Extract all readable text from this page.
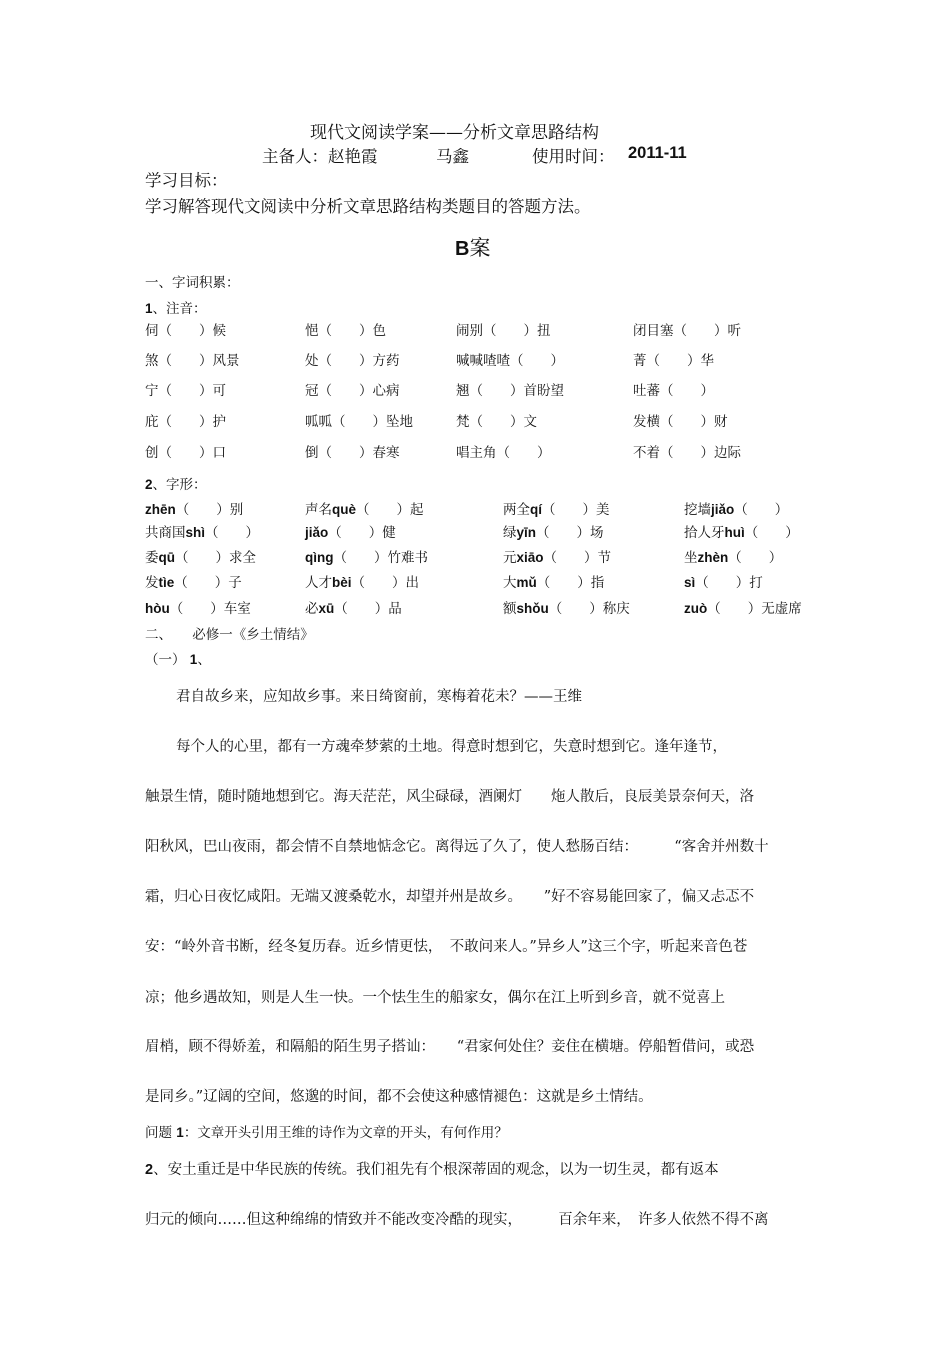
现代文阅读学案——分析文章思路结构
主备人：赵艳霞	马鑫	使用时间： 2011-11
学习目标：
学习解答现代文阅读中分析文章思路结构类题目的答题方法。
B案
一、字词积累：
1、注音：
伺（　　）候	悒（　　）色	闹别（　　）扭	闭目塞（　　）听
煞（　　）风景	处（　　）方药	喊喊喳喳（　　）	菁（　　）华
宁（　　）可	冠（　　）心病	翘（　　）首盼望	吐蕃（　　）
庇（　　）护	呱呱（　　）坠地	梵（　　）文	发横（　　）财
创（　　）口	倒（　　）春寒	唱主角（　　）	不着（　　）边际
2、字形：
zhēn（　　）别	声名què（　　）起	两全qí（　　）美	挖墙jiǎo（　　）
共商国shì（　　）	jiǎo（　　）健	绿yīn（　　）场	拾人牙huì（　　）
委qū（　　）求全	qìng（　　）竹难书	元xiāo（　　）节	坐zhèn（　　）
发tìe（　　）子	人才bèi（　　）出	大mǔ（　　）指	sì（　　）打
hòu（　　）车室	必xū（　　）品	额shǒu（　　）称庆	zuò（　　）无虚席
二、　　必修一《乡土情结》
（一） 1、
君自故乡来，应知故乡事。来日绮窗前，寒梅着花未？——王维
每个人的心里，都有一方魂牵梦萦的土地。得意时想到它，失意时想到它。逢年逢节，
触景生情，随时随地想到它。海天茫茫，风尘碌碌，酒阑灯　　炧人散后，良辰美景奈何天，洛
阳秋风，巴山夜雨，都会情不自禁地惦念它。离得远了久了，使人愁肠百结：　　　“客舍并州数十
霜，归心日夜忆咸阳。无端又渡桑乾水，却望并州是故乡。　　”好不容易能回家了，偏又忐忑不
安：“岭外音书断，经冬复历春。近乡情更怯，　不敢问来人。”异乡人”这三个字，听起来音色苍
凉；他乡遇故知，则是人生一快。一个怯生生的船家女，偶尔在江上听到乡音，就不觉喜上
眉梢，顾不得娇羞，和隔船的陌生男子搭讪：　　“君家何处住？妾住在横塘。停船暂借问，或恐
是同乡。”辽阔的空间，悠邈的时间，都不会使这种感情褪色：这就是乡土情结。
问题 1：文章开头引用王维的诗作为文章的开头，有何作用？
2、安土重迁是中华民族的传统。我们祖先有个根深蒂固的观念，以为一切生灵，都有返本
归元的倾向……但这种绵绵的情致并不能改变冷酷的现实，　　　百余年来，　许多人依然不得不离
